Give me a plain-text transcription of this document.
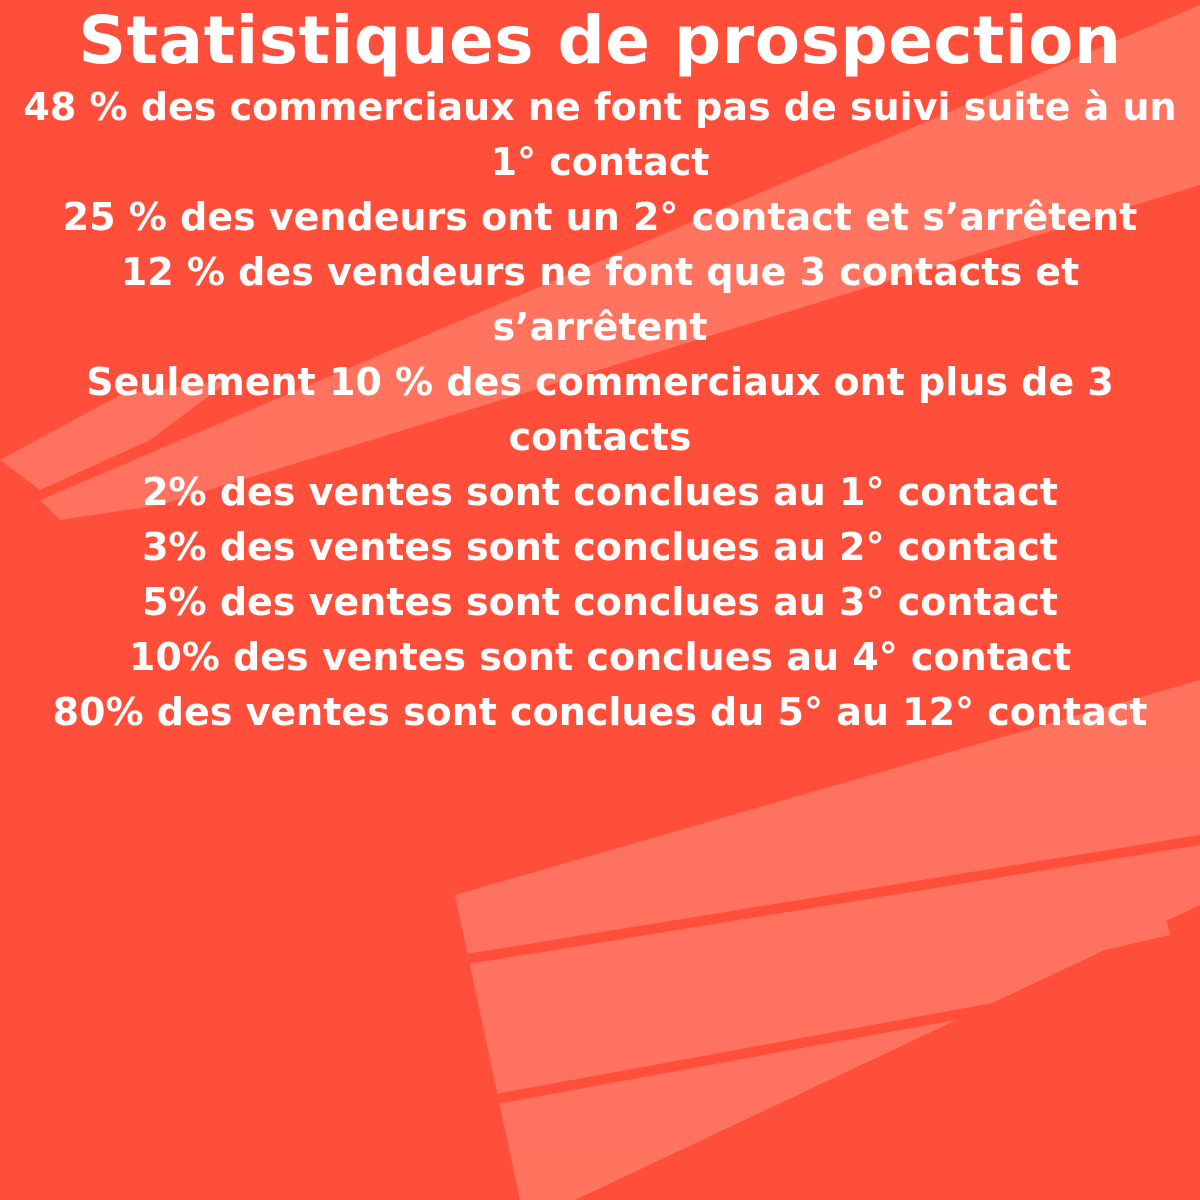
Statistiques de prospection

48 % des commerciaux ne font pas de suivi suite à un 1° contact

25 % des vendeurs ont un 2° contact et s’arrêtent

12 % des vendeurs ne font que 3 contacts et s’arrêtent

Seulement 10 % des commerciaux ont plus de 3 contacts

2% des ventes sont conclues au 1° contact

3% des ventes sont conclues au 2° contact

5% des ventes sont conclues au 3° contact

10% des ventes sont conclues au 4° contact

80% des ventes sont conclues du 5° au 12° contact
